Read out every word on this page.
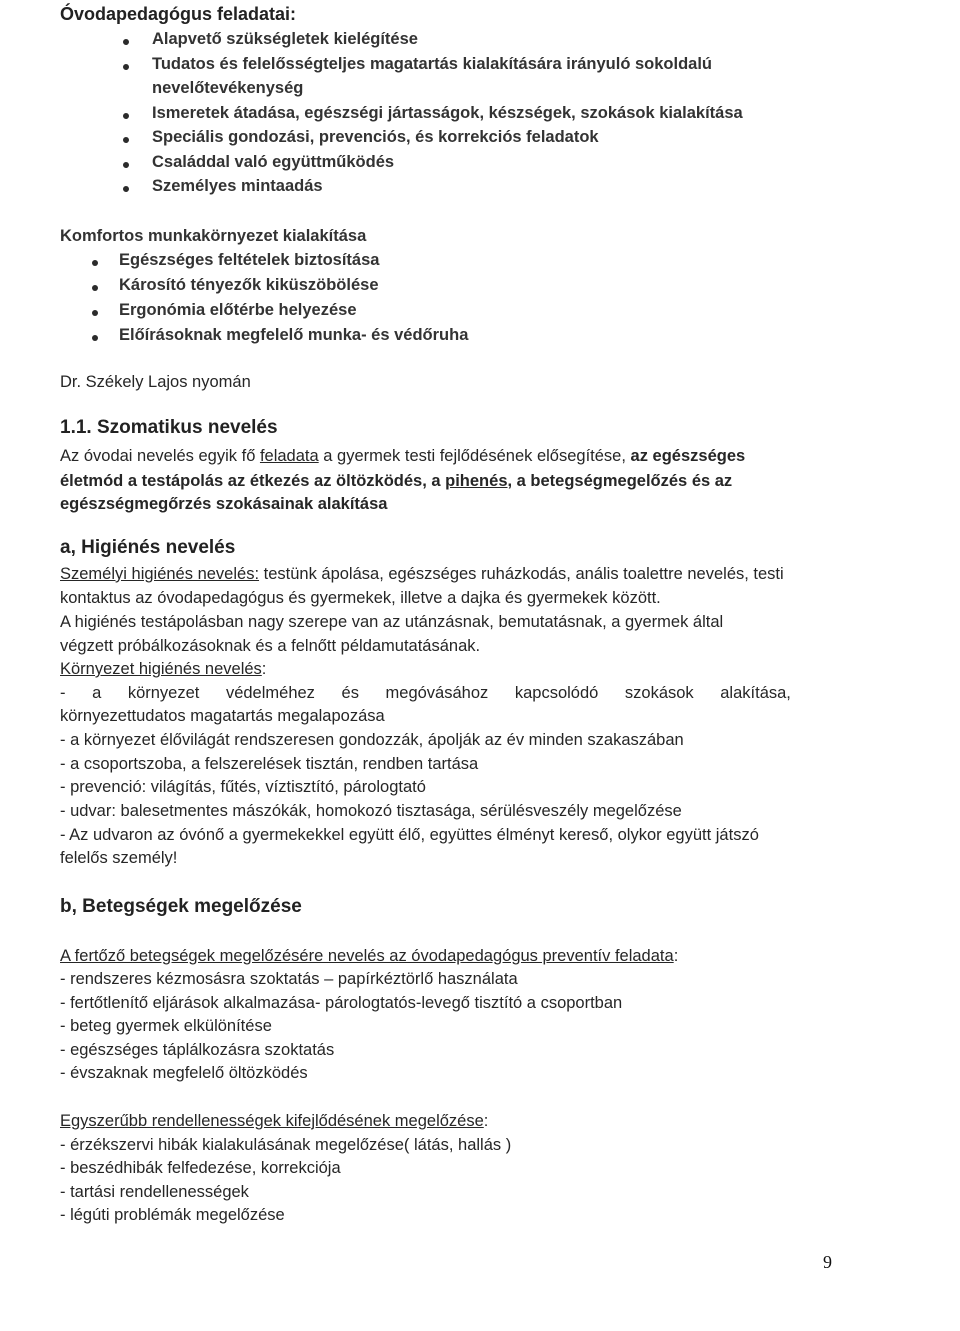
Óvodapedagógus feladatai:
Alapvető szükségletek kielégítése
Tudatos és felelősségteljes magatartás kialakítására irányuló sokoldalú
nevelőtevékenység
Ismeretek átadása, egészségi jártasságok, készségek, szokások kialakítása
Speciális gondozási, prevenciós, és korrekciós feladatok
Családdal való együttműködés
Személyes mintaadás
Komfortos munkakörnyezet kialakítása
Egészséges feltételek biztosítása
Károsító tényezők kiküszöbölése
Ergonómia előtérbe helyezése
Előírásoknak megfelelő munka- és védőruha
Dr. Székely Lajos nyomán
1.1. Szomatikus nevelés
Az óvodai nevelés egyik fő feladata a gyermek testi fejlődésének elősegítése, az egészséges
életmód a testápolás az étkezés az öltözködés, a pihenés, a betegségmegelőzés és az
egészségmegőrzés szokásainak alakítása
a, Higiénés nevelés
Személyi higiénés nevelés: testünk ápolása, egészséges ruházkodás, anális toalettre nevelés, testi
kontaktus az óvodapedagógus és gyermekek, illetve a dajka és gyermekek között.
A higiénés testápolásban nagy szerepe van az utánzásnak, bemutatásnak, a gyermek által
végzett próbálkozásoknak és a felnőtt példamutatásának.
Környezet higiénés nevelés:
- a környezet védelméhez és megóvásához kapcsolódó szokások alakítása,
környezettudatos magatartás megalapozása
- a környezet élővilágát rendszeresen gondozzák, ápolják az év minden szakaszában
- a csoportszoba, a felszerelések tisztán, rendben tartása
- prevenció: világítás, fűtés, víztisztító, párologtató
- udvar: balesetmentes mászókák, homokozó tisztasága, sérülésveszély megelőzése
- Az udvaron az óvónő a gyermekekkel együtt élő, együttes élményt kereső, olykor együtt játszó
felelős személy!
b, Betegségek megelőzése
A fertőző betegségek megelőzésére nevelés az óvodapedagógus preventív feladata:
- rendszeres kézmosásra szoktatás – papírkéztörlő használata
- fertőtlenítő eljárások alkalmazása- párologtatós-levegő tisztító a csoportban
- beteg gyermek elkülönítése
- egészséges táplálkozásra szoktatás
- évszaknak megfelelő öltözködés
Egyszerűbb rendellenességek kifejlődésének megelőzése:
- érzékszervi hibák kialakulásának megelőzése( látás, hallás )
- beszédhibák felfedezése, korrekciója
- tartási rendellenességek
- légúti problémák megelőzése
9
